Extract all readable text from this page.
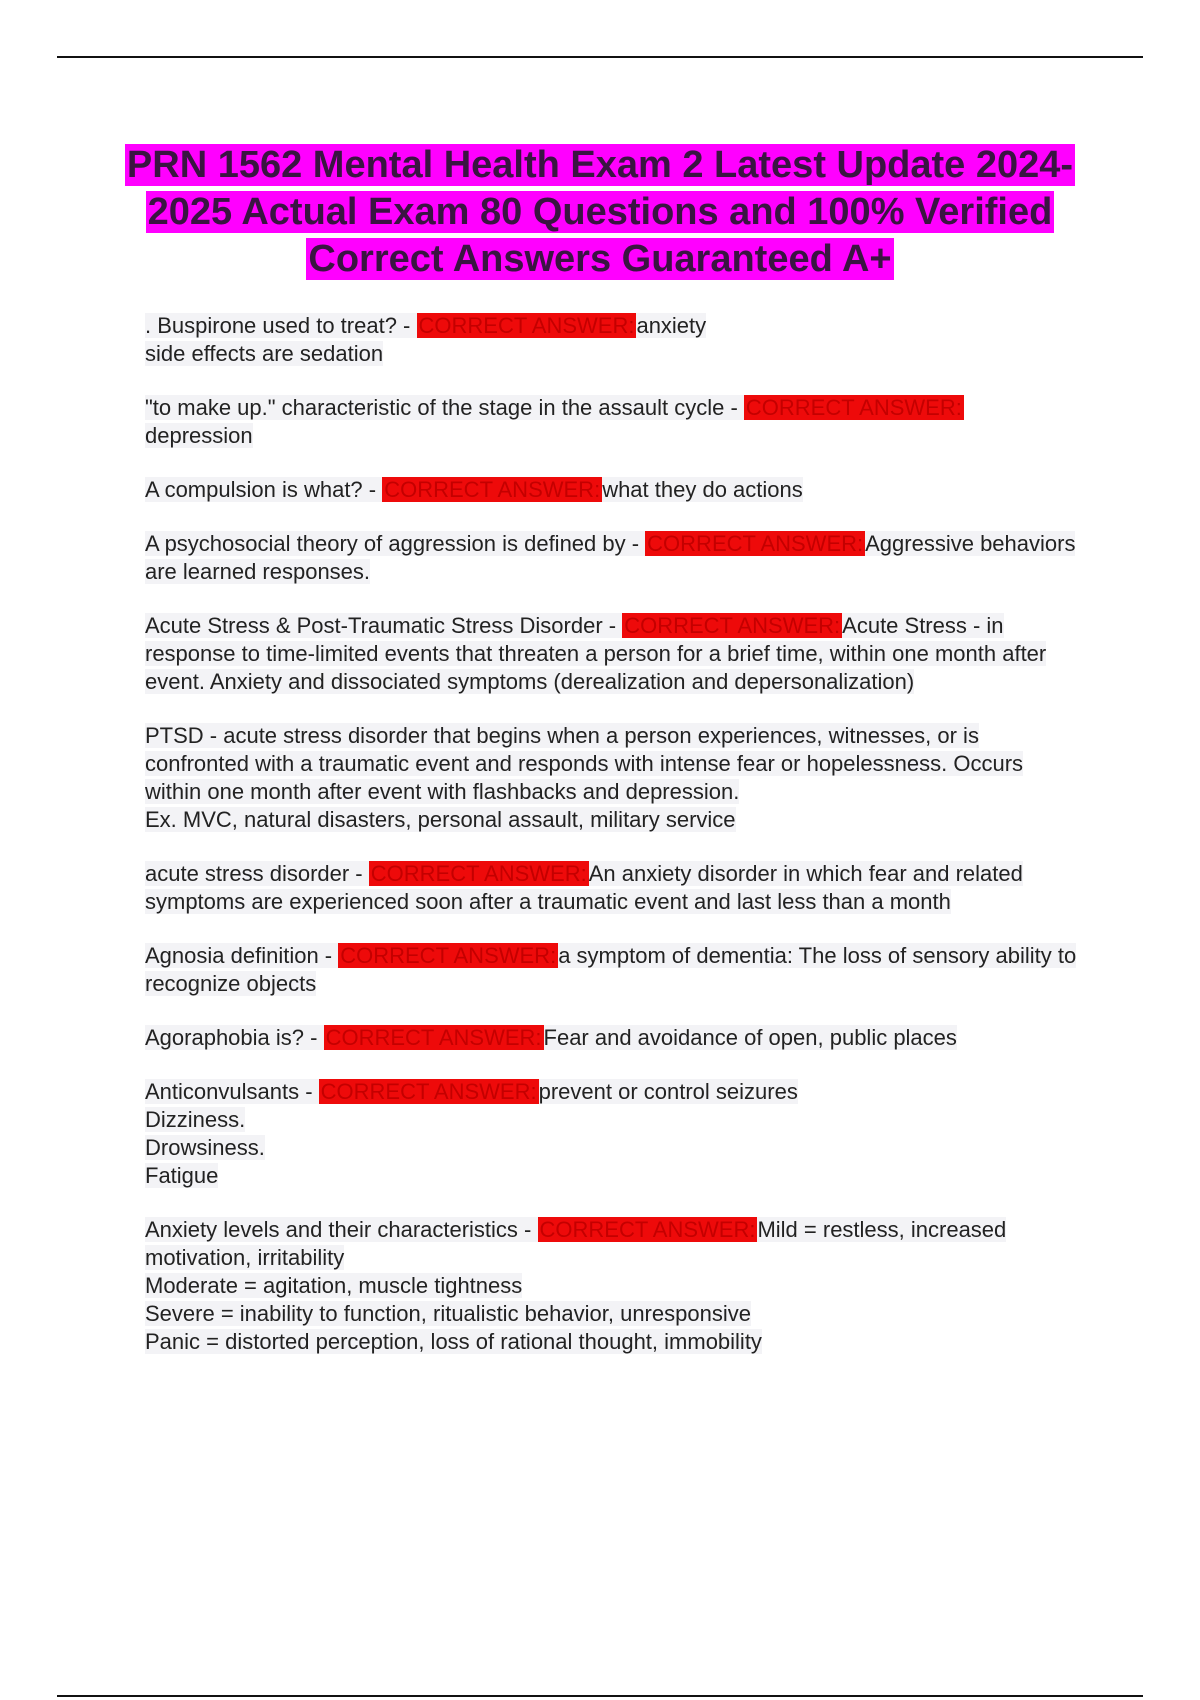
PRN 1562 Mental Health Exam 2 Latest Update 2024-2025 Actual Exam 80 Questions and 100% Verified Correct Answers Guaranteed A+

. Buspirone used to treat? - CORRECT ANSWER:anxiety

side effects are sedation

"to make up." characteristic of the stage in the assault cycle - CORRECT ANSWER:

depression

A compulsion is what? - CORRECT ANSWER:what they do actions

A psychosocial theory of aggression is defined by - CORRECT ANSWER:Aggressive behaviors are learned responses.

Acute Stress & Post-Traumatic Stress Disorder - CORRECT ANSWER:Acute Stress - in response to time-limited events that threaten a person for a brief time, within one month after event. Anxiety and dissociated symptoms (derealization and depersonalization)

PTSD - acute stress disorder that begins when a person experiences, witnesses, or is confronted with a traumatic event and responds with intense fear or hopelessness. Occurs within one month after event with flashbacks and depression.

Ex. MVC, natural disasters, personal assault, military service

acute stress disorder - CORRECT ANSWER:An anxiety disorder in which fear and related symptoms are experienced soon after a traumatic event and last less than a month

Agnosia definition - CORRECT ANSWER:a symptom of dementia: The loss of sensory ability to recognize objects

Agoraphobia is? - CORRECT ANSWER:Fear and avoidance of open, public places

Anticonvulsants - CORRECT ANSWER:prevent or control seizures

Dizziness.
Drowsiness.
Fatigue

Anxiety levels and their characteristics - CORRECT ANSWER:Mild = restless, increased motivation, irritability

Moderate = agitation, muscle tightness
Severe = inability to function, ritualistic behavior, unresponsive
Panic = distorted perception, loss of rational thought, immobility
